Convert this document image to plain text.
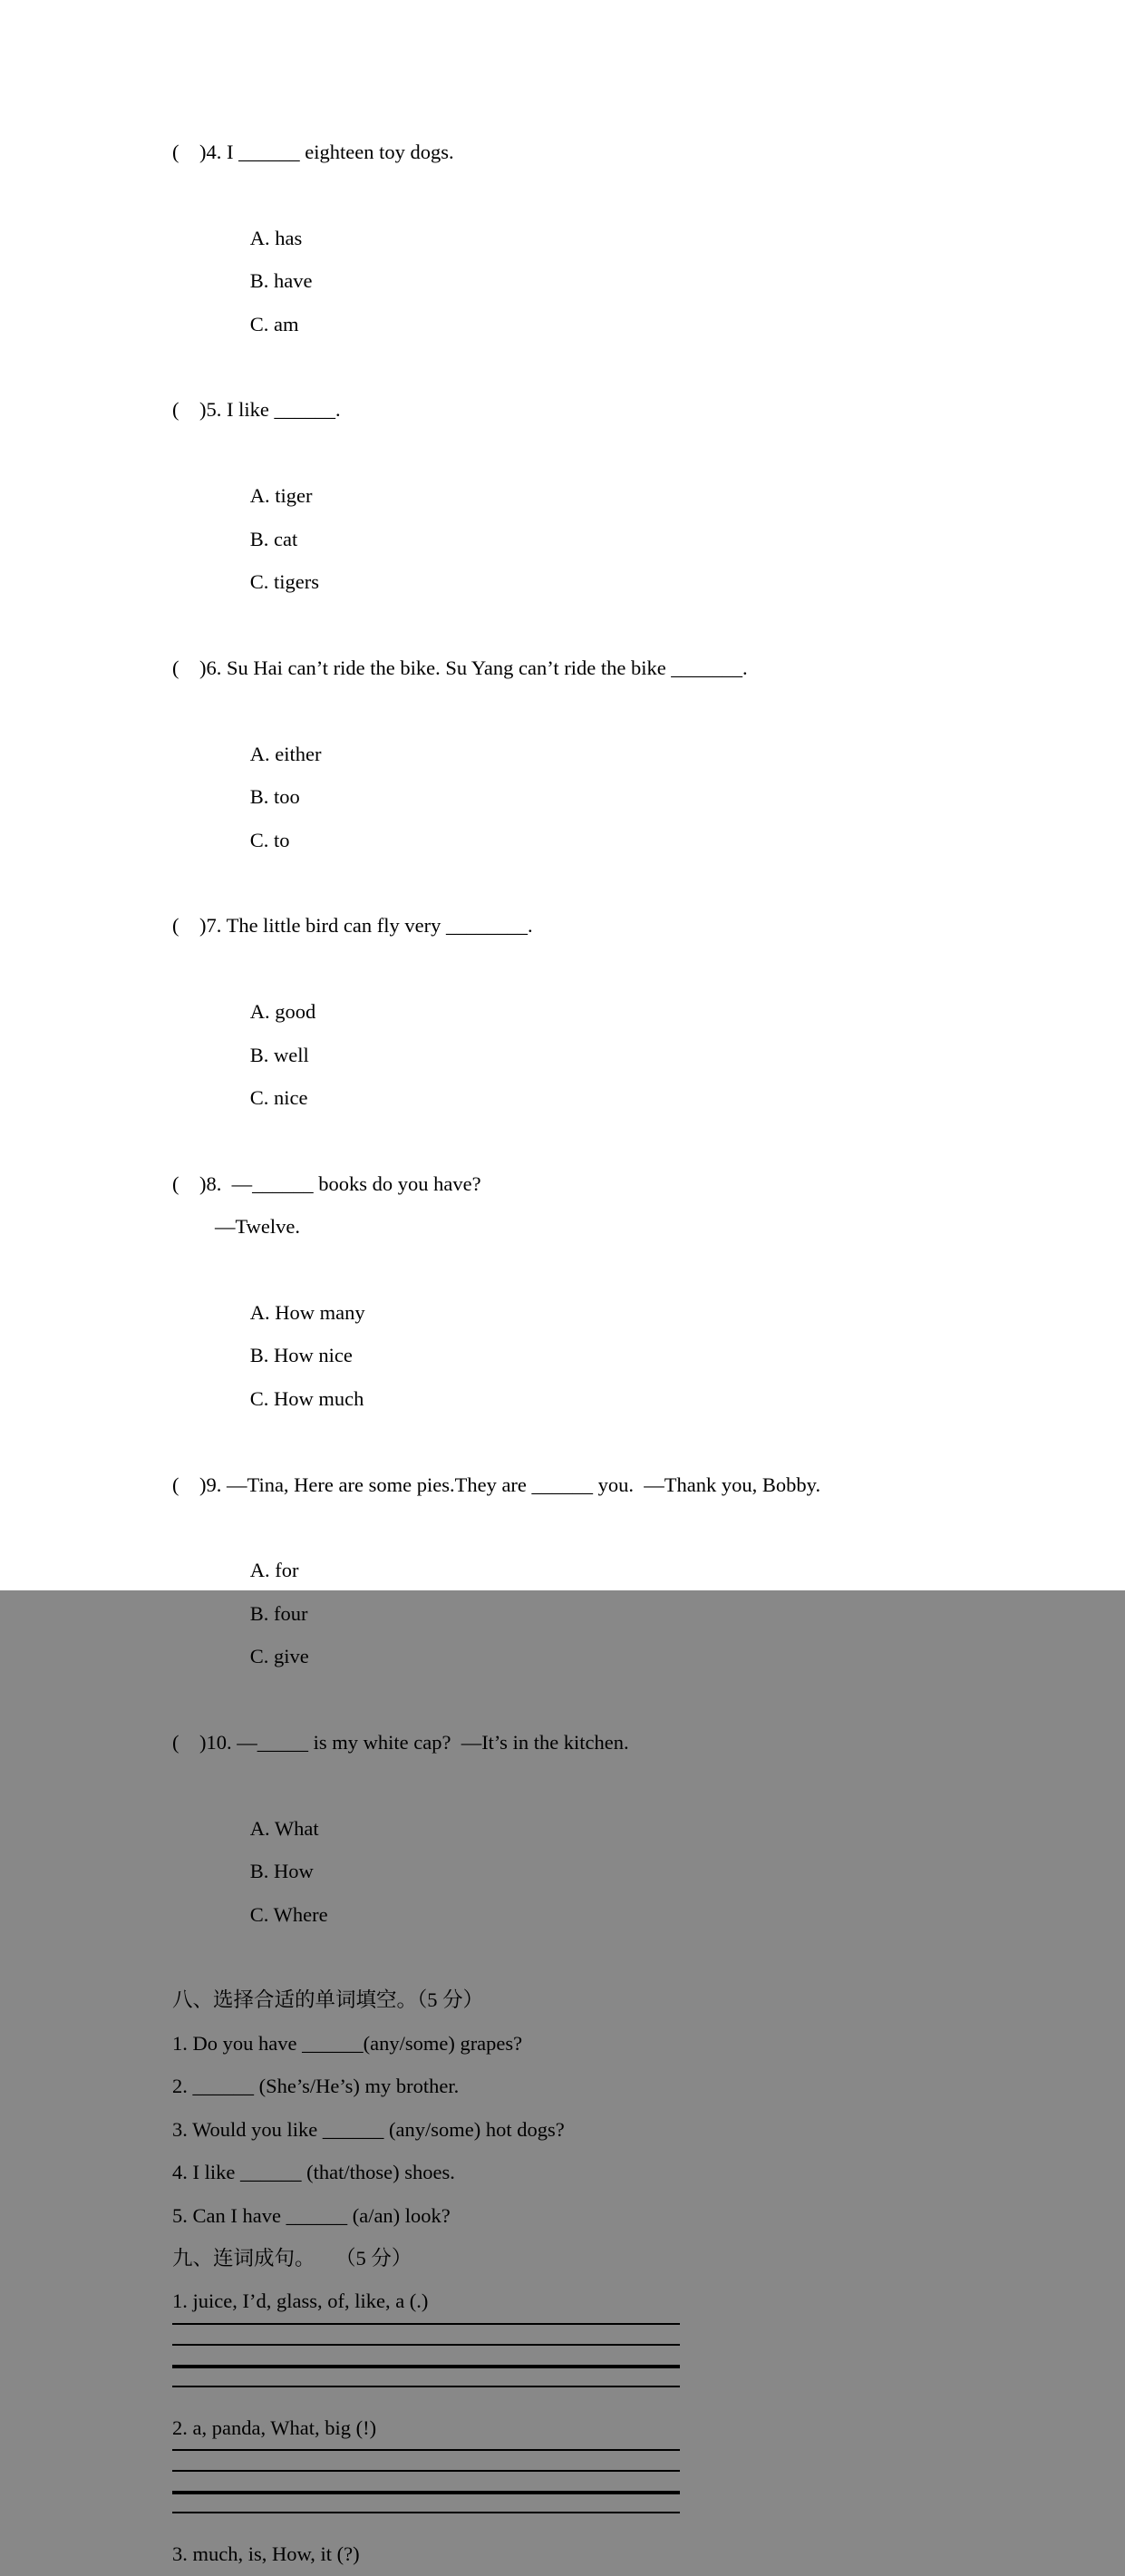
(    )4. I ______ eighteen toy dogs.

A. has
B. have
C. am

(    )5. I like ______.

A. tiger
B. cat
C. tigers

(    )6. Su Hai can’t ride the bike. Su Yang can’t ride the bike _______.

A. either
B. too
C. to

(    )7. The little bird can fly very ________.

A. good
B. well
C. nice

(    )8.  —______ books do you have?
—Twelve.

A. How many
B. How nice
C. How much

(    )9. —Tina, Here are some pies.They are ______ you.  —Thank you, Bobby.

A. for
B. four
C. give

(    )10. —_____ is my white cap?  —It’s in the kitchen.

A. What
B. How
C. Where

八、选择合适的单词填空。（5 分）
1. Do you have ______(any/some) grapes?
2. ______ (She’s/He’s) my brother.
3. Would you like ______ (any/some) hot dogs?
4. I like ______ (that/those) shoes.
5. Can I have ______ (a/an) look?
九、连词成句。    （5 分）
1. juice, I’d, glass, of, like, a (.)
2. a, panda, What, big (!)
3. much, is, How, it (?)
